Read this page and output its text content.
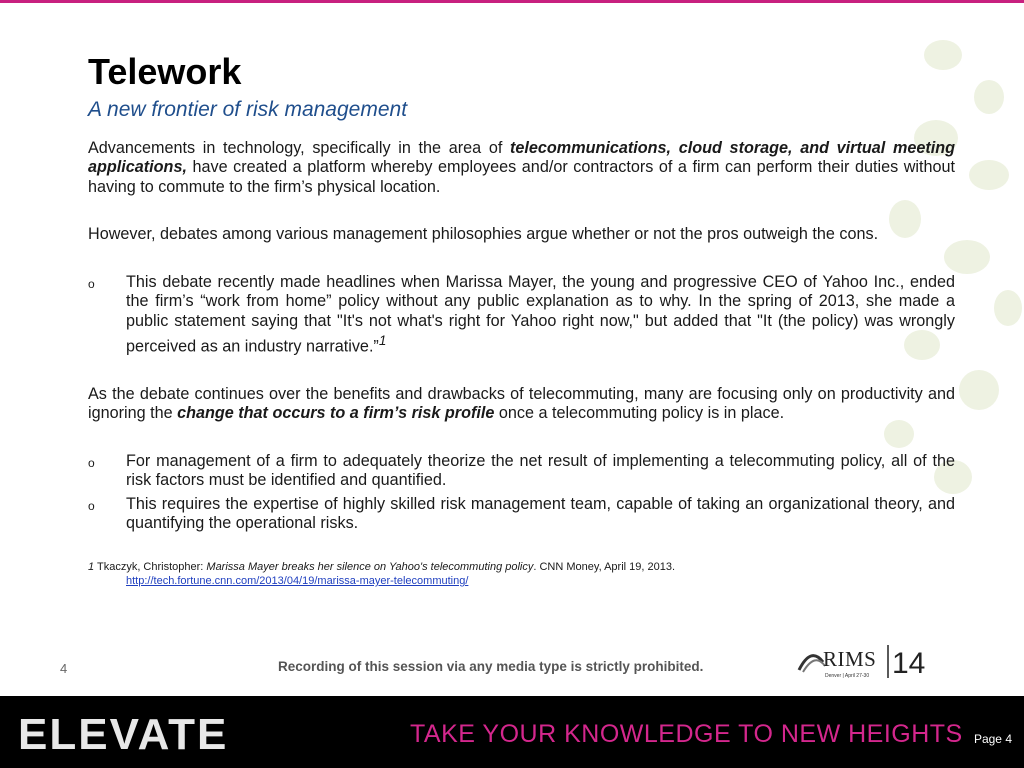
Telework
A new frontier of risk management

Advancements in technology, specifically in the area of telecommunications, cloud storage, and virtual meeting applications, have created a platform whereby employees and/or contractors of a firm can perform their duties without having to commute to the firm’s physical location.

However, debates among various management philosophies argue whether or not the pros outweigh the cons.

o	This debate recently made headlines when Marissa Mayer, the young and progressive CEO of Yahoo Inc., ended the firm’s “work from home” policy without any public explanation as to why. In the spring of 2013, she made a public statement saying that "It's not what's right for Yahoo right now," but added that "It (the policy) was wrongly perceived as an industry narrative.”$^1$

As the debate continues over the benefits and drawbacks of telecommuting, many are focusing only on productivity and ignoring the change that occurs to a firm’s risk profile once a telecommuting policy is in place.

o	For management of a firm to adequately theorize the net result of implementing a telecommuting policy, all of the risk factors must be identified and quantified.
o	This requires the expertise of highly skilled risk management team, capable of taking an organizational theory, and quantifying the operational risks.
1 Tkaczyk, Christopher: Marissa Mayer breaks her silence on Yahoo's telecommuting policy. CNN Money, April 19, 2013.
http://tech.fortune.cnn.com/2013/04/19/marissa-mayer-telecommuting/
4	Recording of this session via any media type is strictly prohibited.	RIMS
Denver | April 27-30 14
ELEVATE	TAKE YOUR KNOWLEDGE TO NEW HEIGHTS Page 4
